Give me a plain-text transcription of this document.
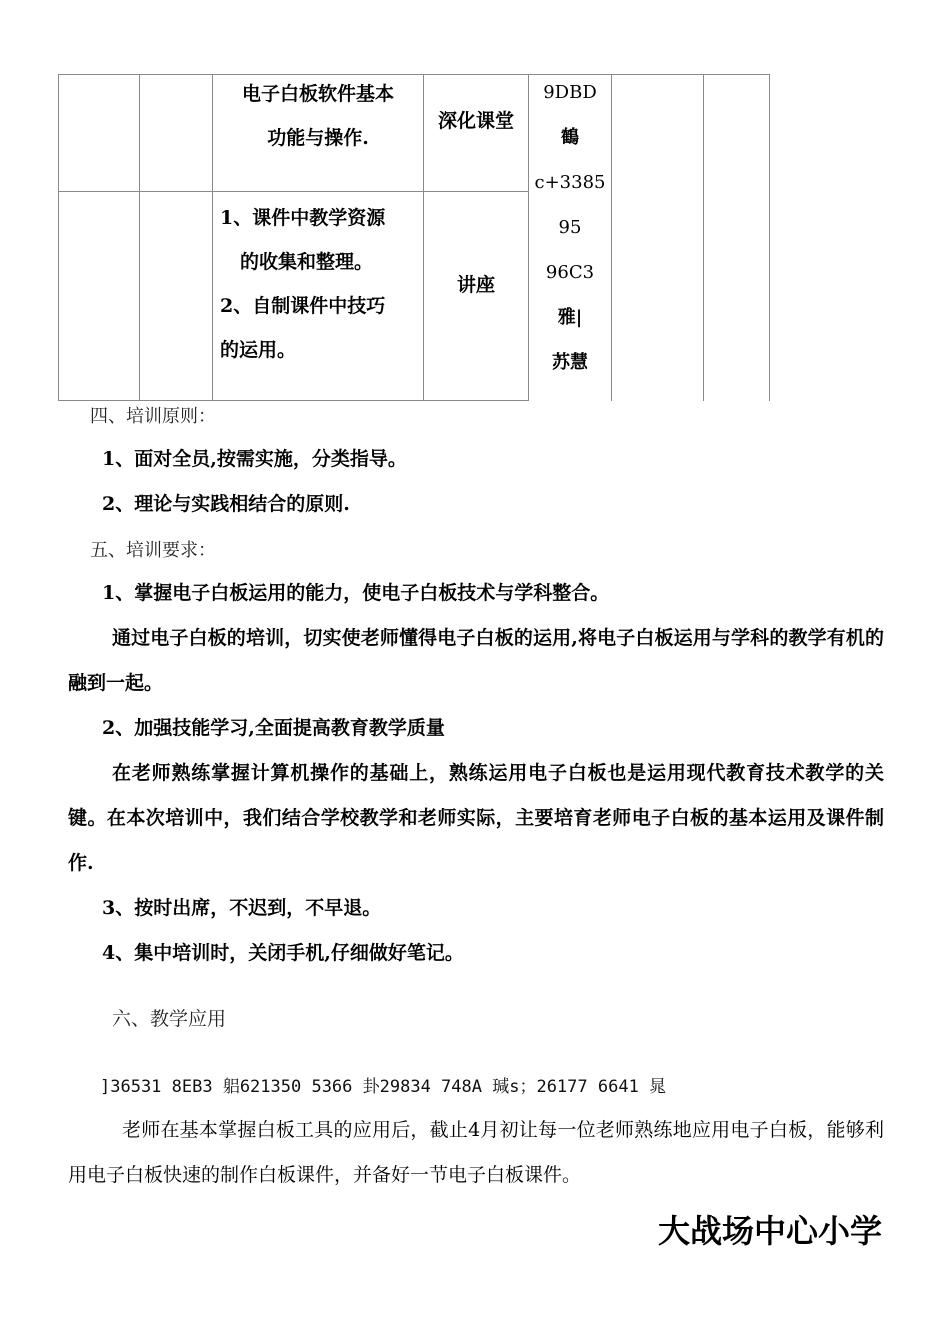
电子白板软件基本
功能与操作.
深化课堂
1、课件中教学资源
的收集和整理。
2、自制课件中技巧
的运用。
讲座
9DBD
鶴
c+3385
95
96C3
雅|
苏慧
四、培训原则：
1、面对全员,按需实施，分类指导。
2、理论与实践相结合的原则.
五、培训要求：
1、掌握电子白板运用的能力，使电子白板技术与学科整合。
通过电子白板的培训，切实使老师懂得电子白板的运用,将电子白板运用与学科的教学有机的融到一起。
2、加强技能学习,全面提高教育教学质量
在老师熟练掌握计算机操作的基础上，熟练运用电子白板也是运用现代教育技术教学的关键。在本次培训中，我们结合学校教学和老师实际，主要培育老师电子白板的基本运用及课件制作.
3、按时出席，不迟到，不早退。
4、集中培训时，关闭手机,仔细做好笔记。
六、教学应用
]36531 8EB3 躳621350 5366 卦29834 748A 瑊s；26177 6641 晁
老师在基本掌握白板工具的应用后，截止4月初让每一位老师熟练地应用电子白板，能够利用电子白板快速的制作白板课件，并备好一节电子白板课件。
大战场中心小学
